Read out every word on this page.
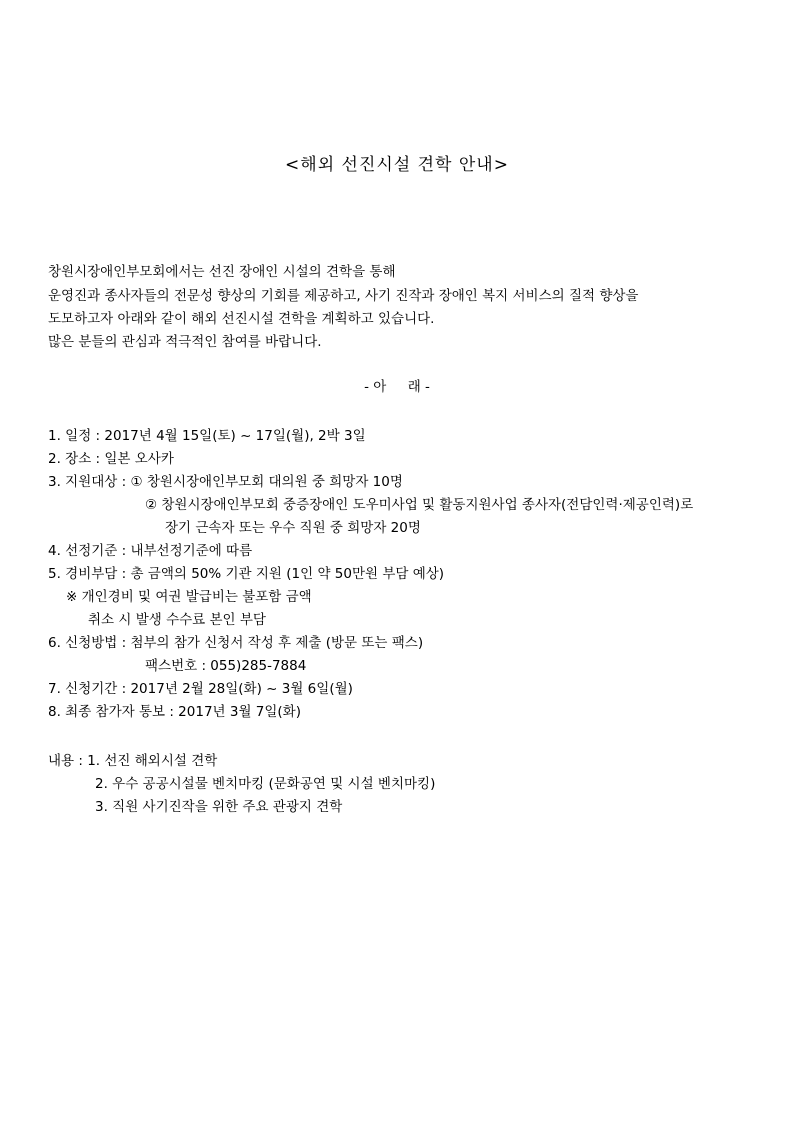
<해외 선진시설 견학 안내>
창원시장애인부모회에서는 선진 장애인 시설의 견학을 통해
운영진과 종사자들의 전문성 향상의 기회를 제공하고, 사기 진작과 장애인 복지 서비스의 질적 향상을
도모하고자 아래와 같이 해외 선진시설 견학을 계획하고 있습니다.
많은 분들의 관심과 적극적인 참여를 바랍니다.
- 아     래 -
1. 일정 : 2017년 4월 15일(토) ~ 17일(월), 2박 3일
2. 장소 : 일본 오사카
3. 지원대상 : ① 창원시장애인부모회 대의원 중 희망자 10명
② 창원시장애인부모회 중증장애인 도우미사업 및 활동지원사업 종사자(전담인력·제공인력)로
장기 근속자 또는 우수 직원 중 희망자 20명
4. 선정기준 : 내부선정기준에 따름
5. 경비부담 : 총 금액의 50% 기관 지원 (1인 약 50만원 부담 예상)
※ 개인경비 및 여권 발급비는 불포함 금액
취소 시 발생 수수료 본인 부담
6. 신청방법 : 첨부의 참가 신청서 작성 후 제출 (방문 또는 팩스)
팩스번호 : 055)285-7884
7. 신청기간 : 2017년 2월 28일(화) ~ 3월 6일(월)
8. 최종 참가자 통보 : 2017년 3월 7일(화)
내용 : 1. 선진 해외시설 견학
2. 우수 공공시설물 벤치마킹 (문화공연 및 시설 벤치마킹)
3. 직원 사기진작을 위한 주요 관광지 견학
